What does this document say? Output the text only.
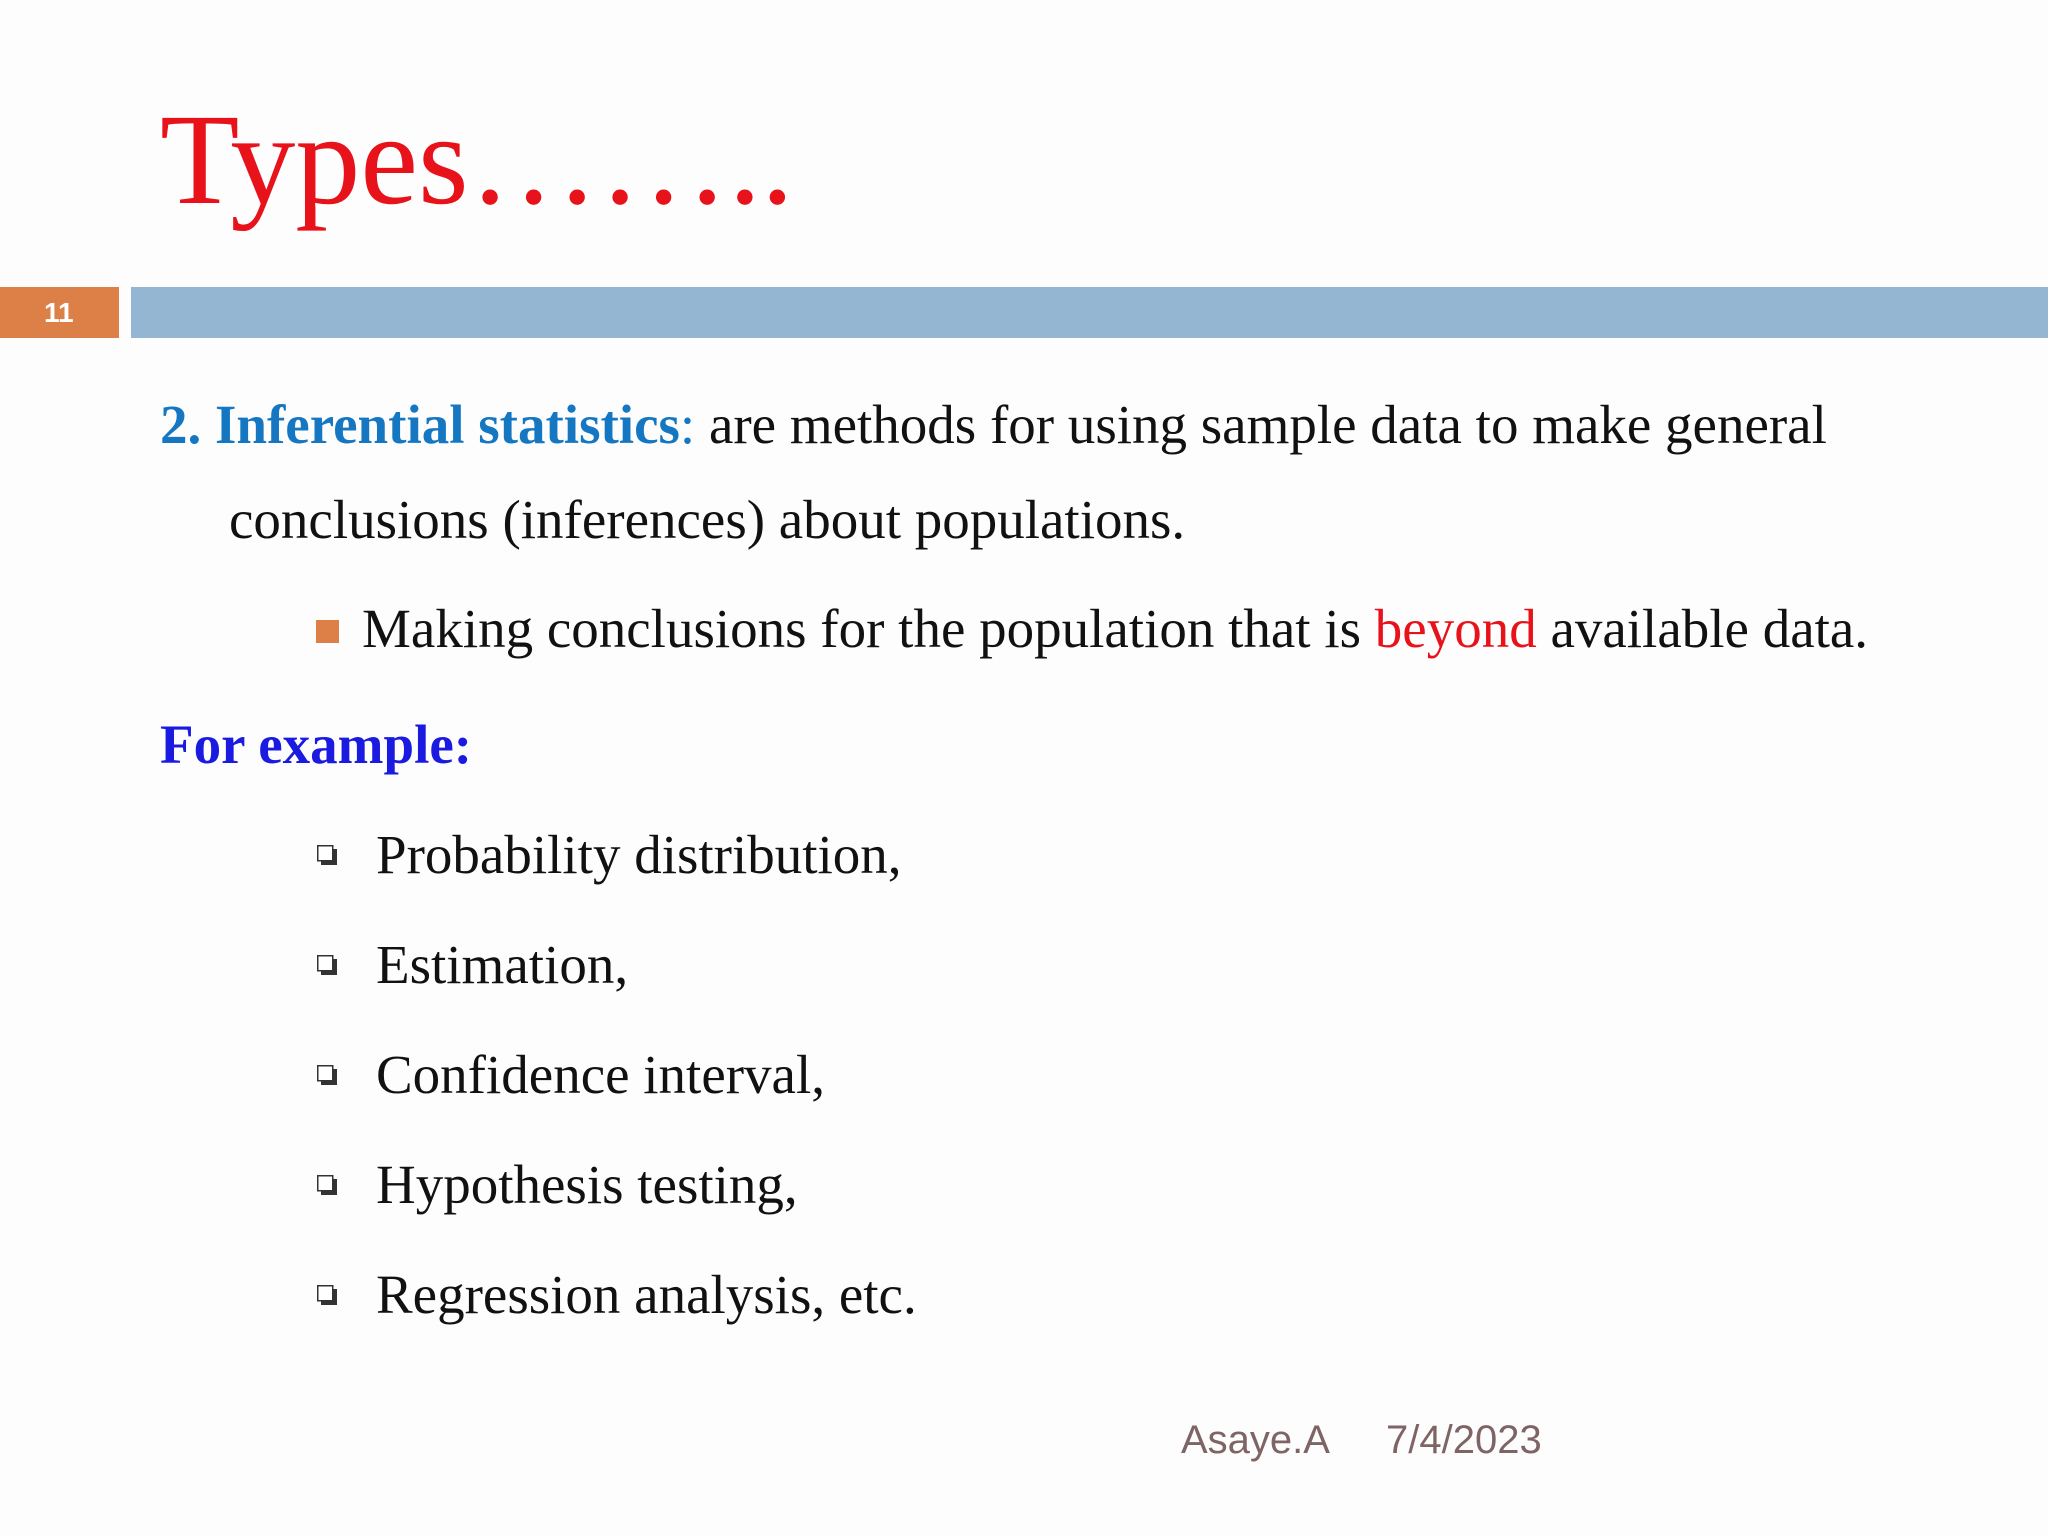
Types……..
11
2. Inferential statistics: are methods for using sample data to make general
conclusions (inferences) about populations.
Making conclusions for the population that is beyond available data.
For example:
Probability distribution,
Estimation,
Confidence interval,
Hypothesis testing,
Regression analysis, etc.
Asaye.A 7/4/2023
